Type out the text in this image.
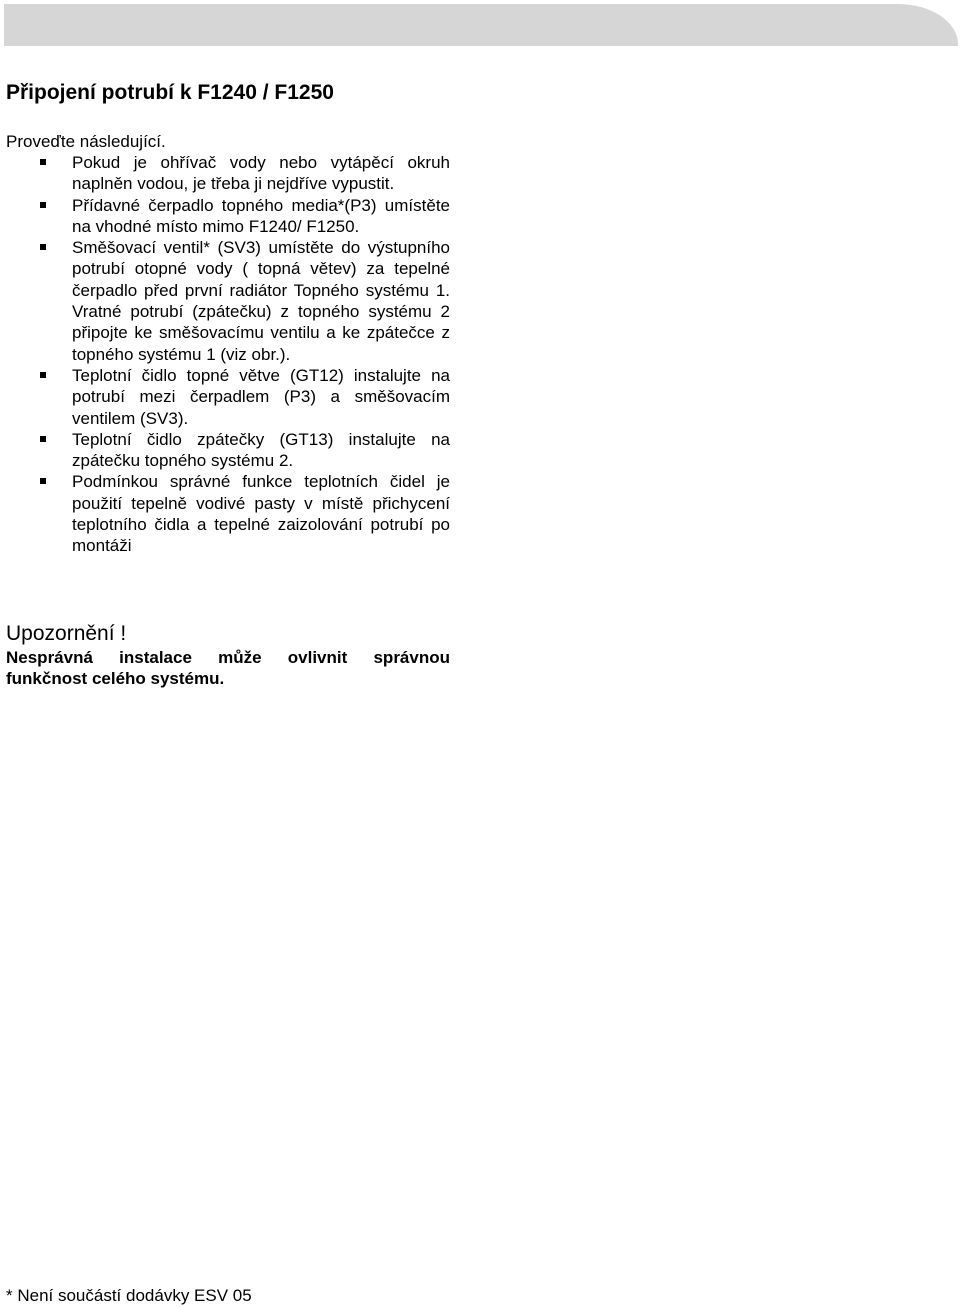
Připojení potrubí k F1240 / F1250

Proveďte následující.

Pokud je ohřívač vody nebo vytápěcí okruh naplněn vodou, je třeba ji nejdříve vypustit.
Přídavné čerpadlo topného media*(P3) umístěte na vhodné místo mimo F1240/ F1250.
Směšovací ventil* (SV3) umístěte do výstupního potrubí otopné vody ( topná větev) za tepelné čerpadlo před první radiátor Topného systému 1. Vratné potrubí (zpátečku) z topného systému 2 připojte ke směšovacímu ventilu a ke zpátečce z topného systému 1 (viz obr.).
Teplotní čidlo topné větve (GT12) instalujte na potrubí mezi čerpadlem (P3) a směšovacím ventilem (SV3).
Teplotní čidlo zpátečky (GT13) instalujte na zpátečku topného systému 2.
Podmínkou správné funkce teplotních čidel je použití tepelně vodivé pasty v místě přichycení teplotního čidla a tepelné zaizolování potrubí po montáži
Upozornění !

Nesprávná instalace může ovlivnit správnou funkčnost celého systému.

* Není součástí dodávky ESV 05
